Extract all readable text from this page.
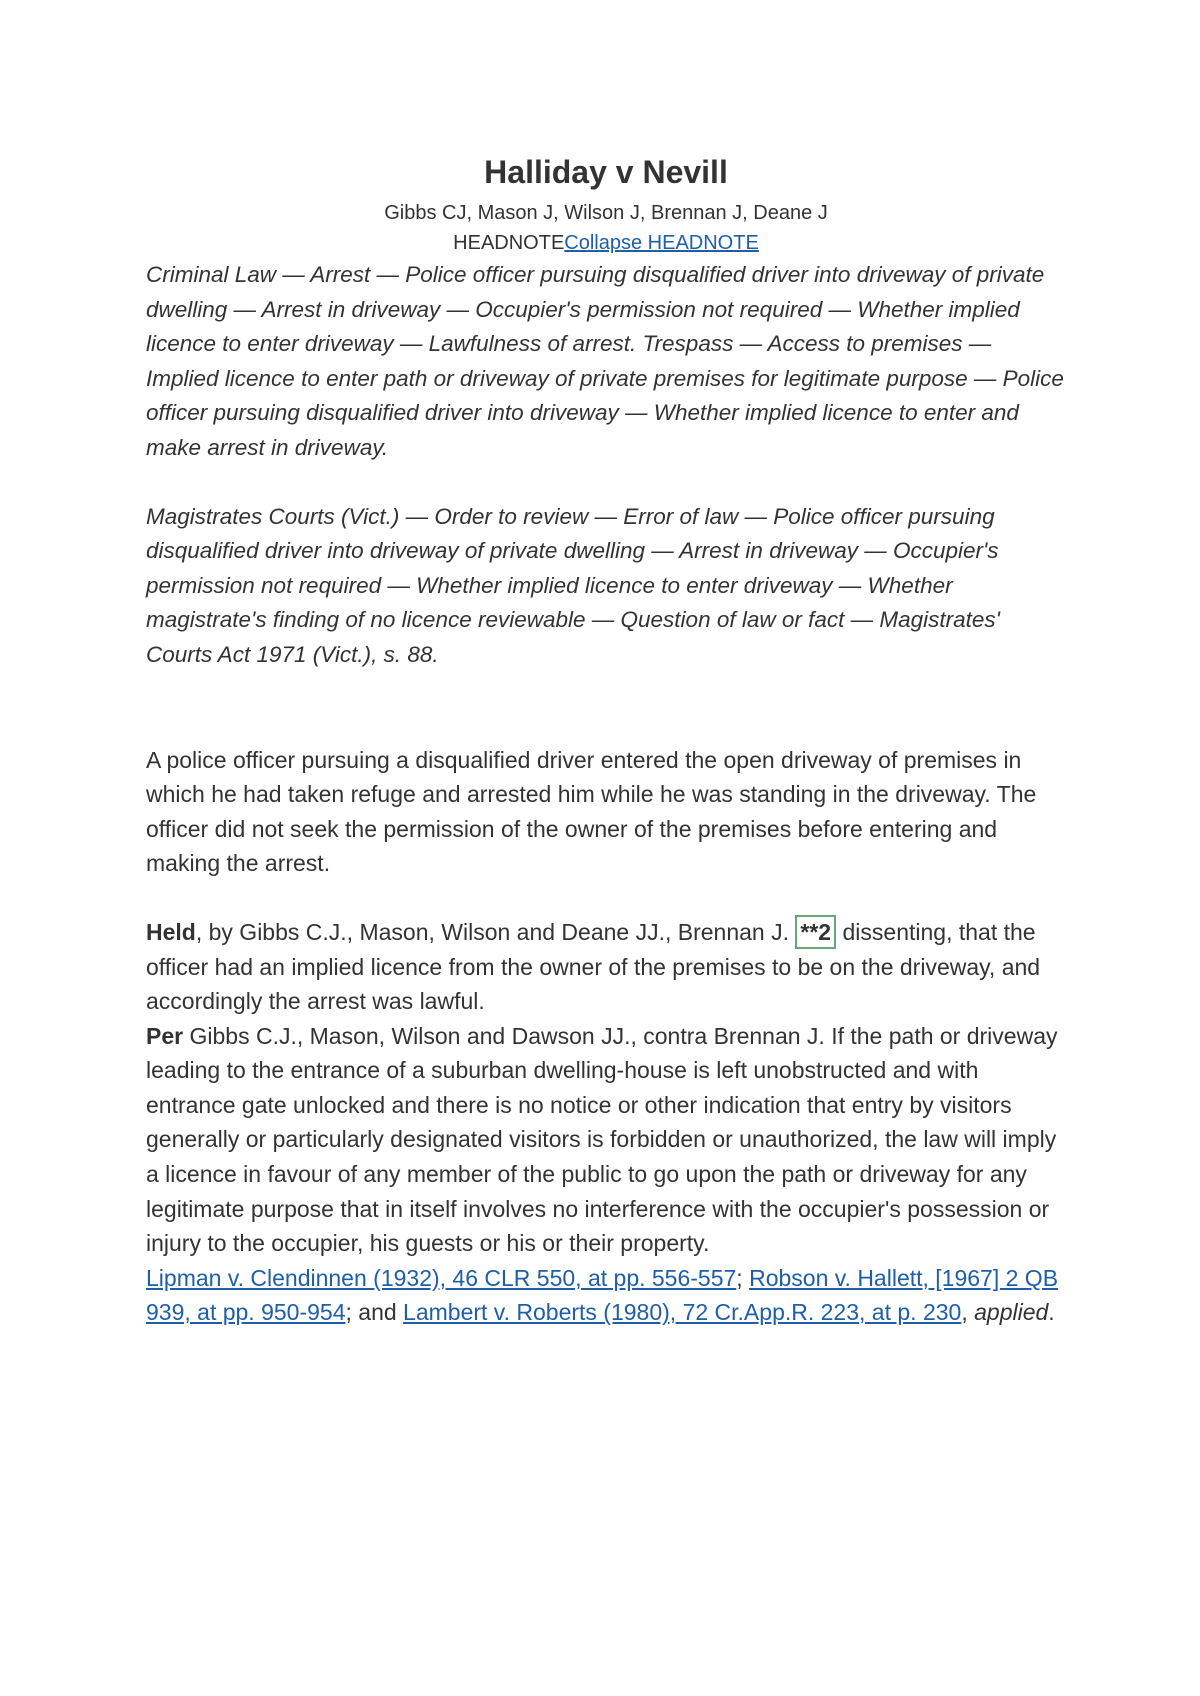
Halliday v Nevill
Gibbs CJ, Mason J, Wilson J, Brennan J, Deane J
HEADNOTECollapse HEADNOTE

Criminal Law — Arrest — Police officer pursuing disqualified driver into driveway of private dwelling — Arrest in driveway — Occupier's permission not required — Whether implied licence to enter driveway — Lawfulness of arrest. Trespass — Access to premises — Implied licence to enter path or driveway of private premises for legitimate purpose — Police officer pursuing disqualified driver into driveway — Whether implied licence to enter and make arrest in driveway.

Magistrates Courts (Vict.) — Order to review — Error of law — Police officer pursuing disqualified driver into driveway of private dwelling — Arrest in driveway — Occupier's permission not required — Whether implied licence to enter driveway — Whether magistrate's finding of no licence reviewable — Question of law or fact — Magistrates' Courts Act 1971 (Vict.), s. 88.

A police officer pursuing a disqualified driver entered the open driveway of premises in which he had taken refuge and arrested him while he was standing in the driveway. The officer did not seek the permission of the owner of the premises before entering and making the arrest.

Held, by Gibbs C.J., Mason, Wilson and Deane JJ., Brennan J. **2 dissenting, that the officer had an implied licence from the owner of the premises to be on the driveway, and accordingly the arrest was lawful.

Per Gibbs C.J., Mason, Wilson and Dawson JJ., contra Brennan J. If the path or driveway leading to the entrance of a suburban dwelling-house is left unobstructed and with entrance gate unlocked and there is no notice or other indication that entry by visitors generally or particularly designated visitors is forbidden or unauthorized, the law will imply a licence in favour of any member of the public to go upon the path or driveway for any legitimate purpose that in itself involves no interference with the occupier's possession or injury to the occupier, his guests or his or their property.

Lipman v. Clendinnen (1932), 46 CLR 550, at pp. 556-557; Robson v. Hallett, [1967] 2 QB 939, at pp. 950-954; and Lambert v. Roberts (1980), 72 Cr.App.R. 223, at p. 230, applied.
